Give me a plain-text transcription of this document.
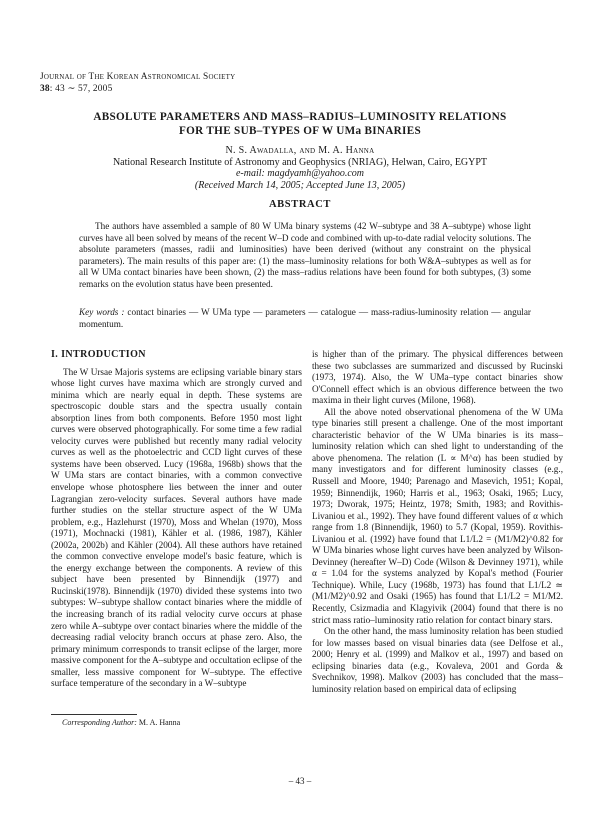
Journal of The Korean Astronomical Society
38: 43 ∼ 57, 2005
ABSOLUTE PARAMETERS AND MASS–RADIUS–LUMINOSITY RELATIONS
FOR THE SUB–TYPES OF W UMa BINARIES
N. S. Awadalla, and M. A. Hanna
National Research Institute of Astronomy and Geophysics (NRIAG), Helwan, Cairo, EGYPT
e-mail: magdyamh@yahoo.com
(Received March 14, 2005; Accepted June 13, 2005)
ABSTRACT

The authors have assembled a sample of 80 W UMa binary systems (42 W–subtype and 38 A–subtype) whose light curves have all been solved by means of the recent W–D code and combined with up-to-date radial velocity solutions. The absolute parameters (masses, radii and luminosities) have been derived (without any constraint on the physical parameters). The main results of this paper are: (1) the mass–luminosity relations for both W&A–subtypes as well as for all W UMa contact binaries have been shown, (2) the mass–radius relations have been found for both subtypes, (3) some remarks on the evolution status have been presented.

Key words : contact binaries — W UMa type — parameters — catalogue — mass-radius-luminosity relation — angular momentum.

I. INTRODUCTION

The W Ursae Majoris systems are eclipsing variable binary stars whose light curves have maxima which are strongly curved and minima which are nearly equal in depth. These systems are spectroscopic double stars and the spectra usually contain absorption lines from both components. Before 1950 most light curves were observed photographically. For some time a few radial velocity curves were published but recently many radial velocity curves as well as the photoelectric and CCD light curves of these systems have been observed. Lucy (1968a, 1968b) shows that the W UMa stars are contact binaries, with a common convective envelope whose photosphere lies between the inner and outer Lagrangian zero-velocity surfaces. Several authors have made further studies on the stellar structure aspect of the W UMa problem, e.g., Hazlehurst (1970), Moss and Whelan (1970), Moss (1971), Mochnacki (1981), Kähler et al. (1986, 1987), Kähler (2002a, 2002b) and Kähler (2004). All these authors have retained the common convective envelope model's basic feature, which is the energy exchange between the components. A review of this subject have been presented by Binnendijk (1977) and Rucinski(1978). Binnendijk (1970) divided these systems into two subtypes: W–subtype shallow contact binaries where the middle of the increasing branch of its radial velocity curve occurs at phase zero while A–subtype over contact binaries where the middle of the decreasing radial velocity branch occurs at phase zero. Also, the primary minimum corresponds to transit eclipse of the larger, more massive component for the A–subtype and occultation eclipse of the smaller, less massive component for W–subtype. The effective surface temperature of the secondary in a W–subtype

is higher than of the primary. The physical differences between these two subclasses are summarized and discussed by Rucinski (1973, 1974). Also, the W UMa–type contact binaries show O'Connell effect which is an obvious difference between the two maxima in their light curves (Milone, 1968).

All the above noted observational phenomena of the W UMa type binaries still present a challenge. One of the most important characteristic behavior of the W UMa binaries is its mass–luminosity relation which can shed light to understanding of the above phenomena. The relation (L ∝ M^α) has been studied by many investigators and for different luminosity classes (e.g., Russell and Moore, 1940; Parenago and Masevich, 1951; Kopal, 1959; Binnendijk, 1960; Harris et al., 1963; Osaki, 1965; Lucy, 1973; Dworak, 1975; Heintz, 1978; Smith, 1983; and Rovithis-Livaniou et al., 1992). They have found different values of α which range from 1.8 (Binnendijk, 1960) to 5.7 (Kopal, 1959). Rovithis-Livaniou et al. (1992) have found that L1/L2 = (M1/M2)^0.82 for W UMa binaries whose light curves have been analyzed by Wilson-Devinney (hereafter W–D) Code (Wilson & Devinney 1971), while α = 1.04 for the systems analyzed by Kopal's method (Fourier Technique). While, Lucy (1968b, 1973) has found that L1/L2 ≃ (M1/M2)^0.92 and Osaki (1965) has found that L1/L2 = M1/M2. Recently, Csizmadia and Klagyivik (2004) found that there is no strict mass ratio–luminosity ratio relation for contact binary stars.

On the other hand, the mass luminosity relation has been studied for low masses based on visual binaries data (see Delfose et al., 2000; Henry et al. (1999) and Malkov et al., 1997) and based on eclipsing binaries data (e.g., Kovaleva, 2001 and Gorda & Svechnikov, 1998). Malkov (2003) has concluded that the mass–luminosity relation based on empirical data of eclipsing

Corresponding Author: M. A. Hanna
– 43 –
